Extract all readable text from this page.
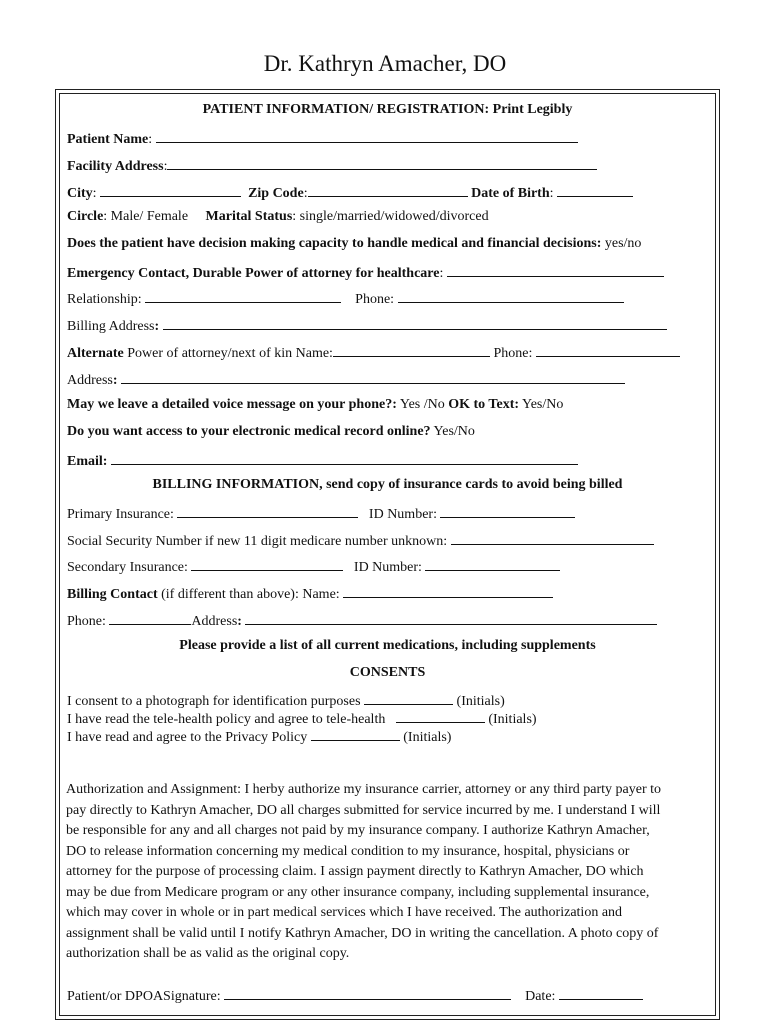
Dr. Kathryn Amacher, DO
PATIENT INFORMATION/ REGISTRATION: Print Legibly
Patient Name:
Facility Address:
City:	Zip Code:	Date of Birth:
Circle: Male/ Female Marital Status: single/married/widowed/divorced
Does the patient have decision making capacity to handle medical and financial decisions: yes/no
Emergency Contact, Durable Power of attorney for healthcare:
Relationship:	Phone:
Billing Address:
Alternate Power of attorney/next of kin Name:	Phone:
Address:
May we leave a detailed voice message on your phone?: Yes /No OK to Text: Yes/No
Do you want access to your electronic medical record online? Yes/No
Email:
BILLING INFORMATION, send copy of insurance cards to avoid being billed
Primary Insurance:	ID Number:
Social Security Number if new 11 digit medicare number unknown:
Secondary Insurance:	ID Number:
Billing Contact (if different than above): Name:
Phone:	Address:
Please provide a list of all current medications, including supplements
CONSENTS
I consent to a photograph for identification purposes	(Initials)
I have read the tele-health policy and agree to tele-health	(Initials)
I have read and agree to the Privacy Policy	(Initials)
Authorization and Assignment: I herby authorize my insurance carrier, attorney or any third party payer to
pay directly to Kathryn Amacher, DO all charges submitted for service incurred by me. I understand I will
be responsible for any and all charges not paid by my insurance company. I authorize Kathryn Amacher,
DO to release information concerning my medical condition to my insurance, hospital, physicians or
attorney for the purpose of processing claim. I assign payment directly to Kathryn Amacher, DO which
may be due from Medicare program or any other insurance company, including supplemental insurance,
which may cover in whole or in part medical services which I have received. The authorization and
assignment shall be valid until I notify Kathryn Amacher, DO in writing the cancellation. A photo copy of
authorization shall be as valid as the original copy.
Patient/or DPOASignature:	Date:
